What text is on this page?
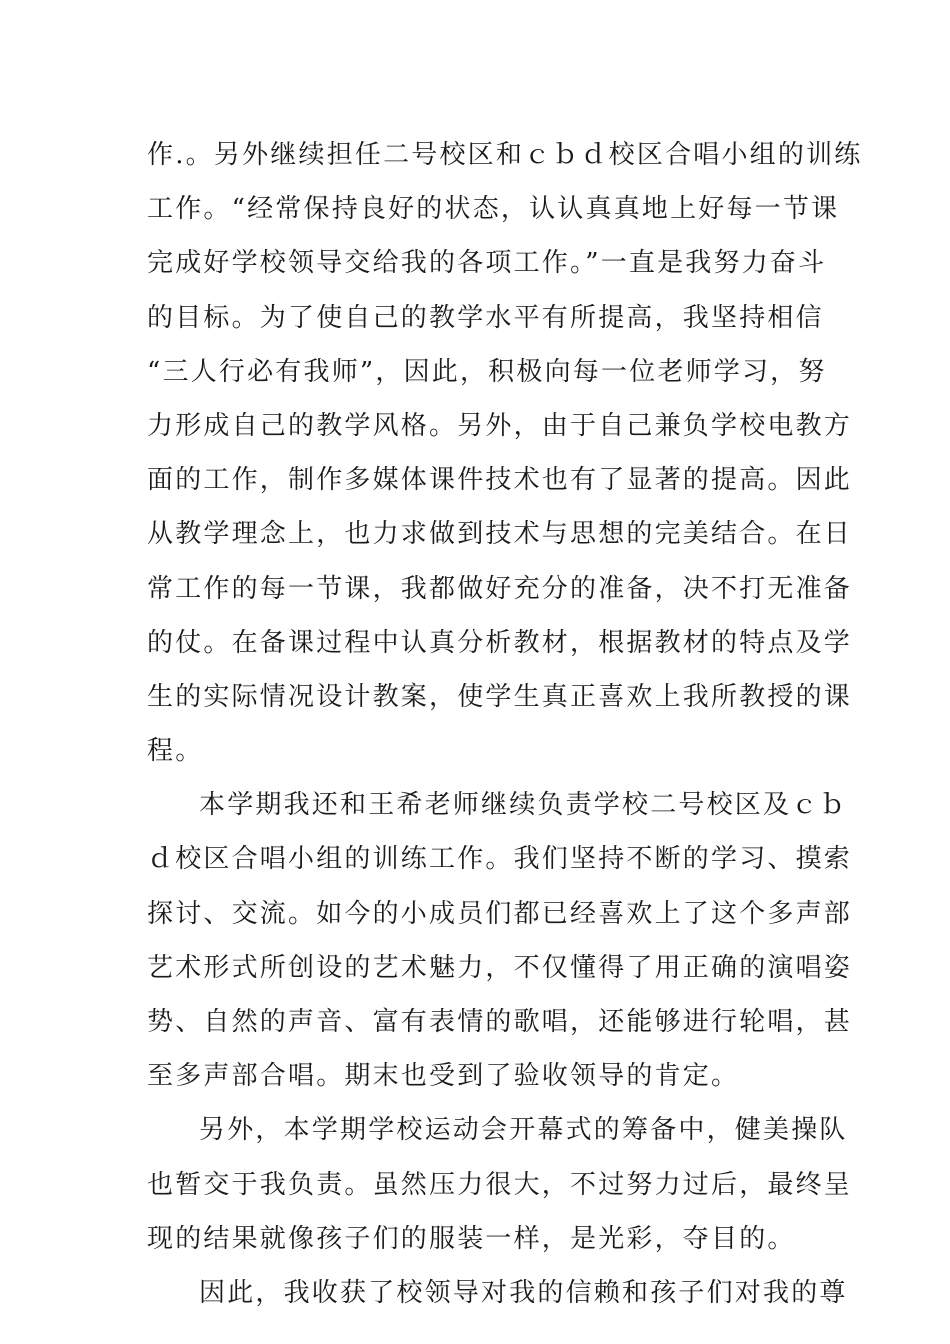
作.。另外继续担任二号校区和ｃｂｄ校区合唱小组的训练
工作。“经常保持良好的状态，认认真真地上好每一节课
完成好学校领导交给我的各项工作。”一直是我努力奋斗
的目标。为了使自己的教学水平有所提高，我坚持相信
“三人行必有我师”，因此，积极向每一位老师学习，努
力形成自己的教学风格。另外，由于自己兼负学校电教方
面的工作，制作多媒体课件技术也有了显著的提高。因此
从教学理念上，也力求做到技术与思想的完美结合。在日
常工作的每一节课，我都做好充分的准备，决不打无准备
的仗。在备课过程中认真分析教材，根据教材的特点及学
生的实际情况设计教案，使学生真正喜欢上我所教授的课
程。
本学期我还和王希老师继续负责学校二号校区及ｃｂ
ｄ校区合唱小组的训练工作。我们坚持不断的学习、摸索
探讨、交流。如今的小成员们都已经喜欢上了这个多声部
艺术形式所创设的艺术魅力，不仅懂得了用正确的演唱姿
势、自然的声音、富有表情的歌唱，还能够进行轮唱，甚
至多声部合唱。期末也受到了验收领导的肯定。
另外，本学期学校运动会开幕式的筹备中，健美操队
也暂交于我负责。虽然压力很大，不过努力过后，最终呈
现的结果就像孩子们的服装一样，是光彩，夺目的。
因此，我收获了校领导对我的信赖和孩子们对我的尊
